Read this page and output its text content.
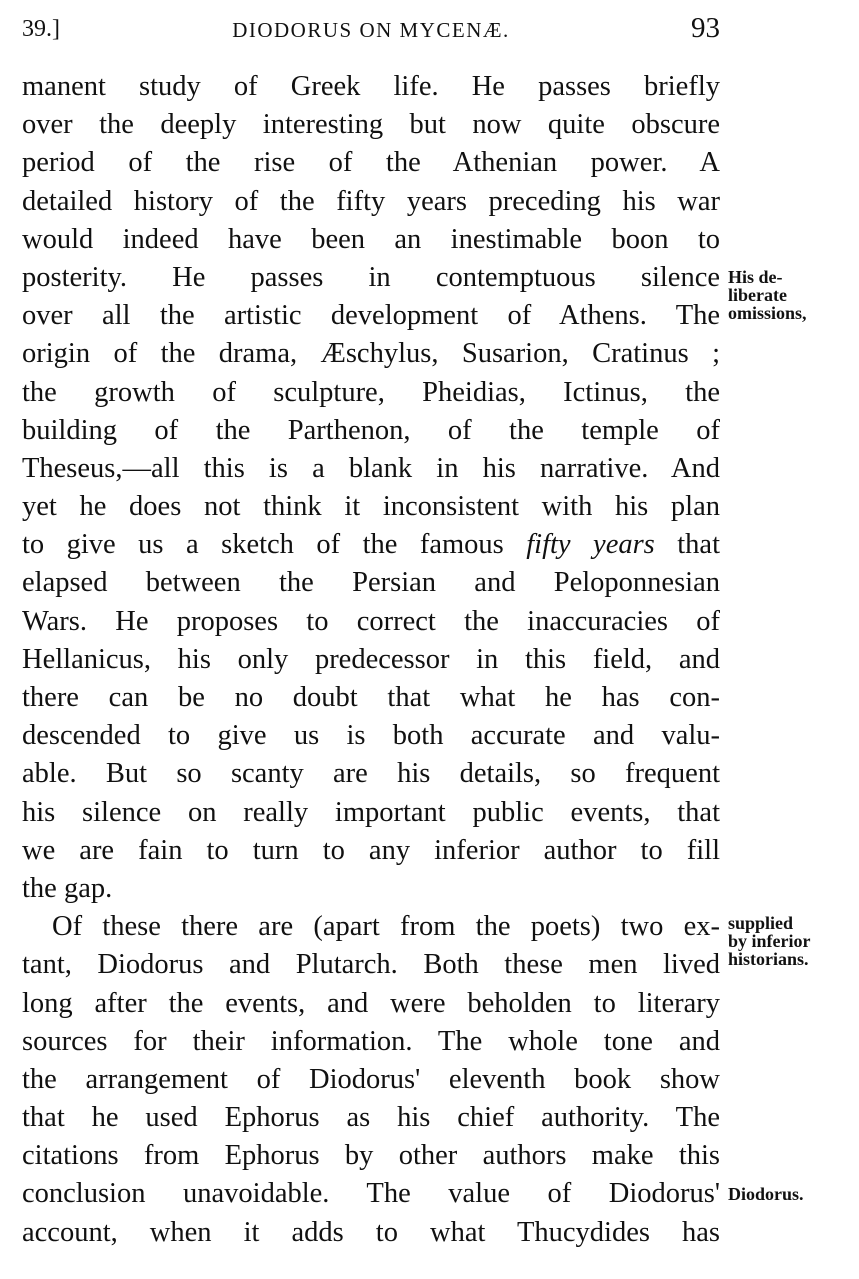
39.]	DIODORUS ON MYCENÆ.	93
manent study of Greek life. He passes briefly
over the deeply interesting but now quite obscure
period of the rise of the Athenian power. A
detailed history of the fifty years preceding his war
would indeed have been an inestimable boon to
posterity. He passes in contemptuous silence
over all the artistic development of Athens. The
origin of the drama, Æschylus, Susarion, Cratinus ;
the growth of sculpture, Pheidias, Ictinus, the
building of the Parthenon, of the temple of
Theseus,—all this is a blank in his narrative. And
yet he does not think it inconsistent with his plan
to give us a sketch of the famous fifty years that
elapsed between the Persian and Peloponnesian
Wars. He proposes to correct the inaccuracies of
Hellanicus, his only predecessor in this field, and
there can be no doubt that what he has con-
descended to give us is both accurate and valu-
able. But so scanty are his details, so frequent
his silence on really important public events, that
we are fain to turn to any inferior author to fill
the gap.
Of these there are (apart from the poets) two ex-
tant, Diodorus and Plutarch. Both these men lived
long after the events, and were beholden to literary
sources for their information. The whole tone and
the arrangement of Diodorus' eleventh book show
that he used Ephorus as his chief authority. The
citations from Ephorus by other authors make this
conclusion unavoidable. The value of Diodorus'
account, when it adds to what Thucydides has
His de-
liberate
omissions,
supplied
by inferior
historians.
Diodorus.
